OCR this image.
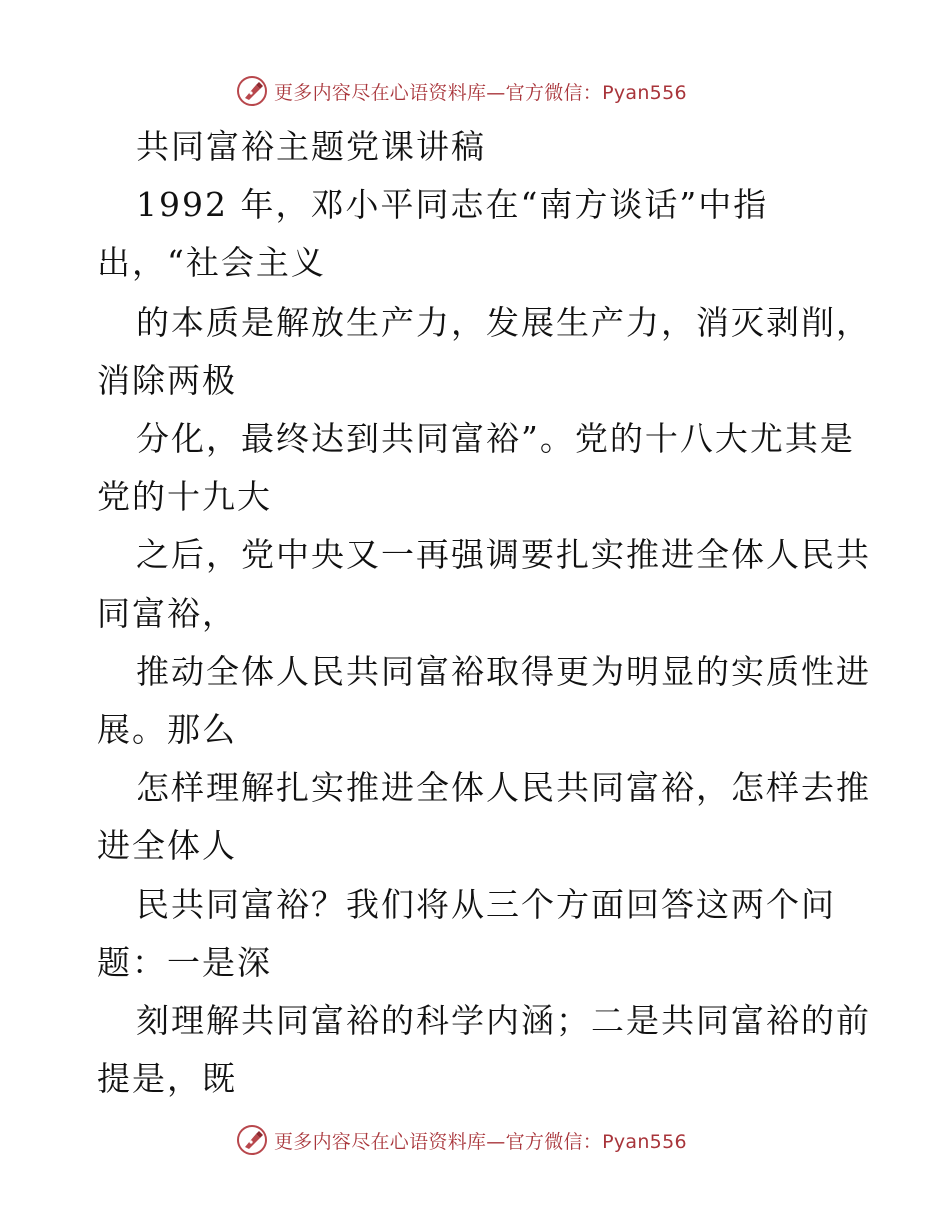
更多内容尽在心语资料库—官方微信：Pyan556
共同富裕主题党课讲稿
1992 年，邓小平同志在“南方谈话”中指
出，“社会主义
的本质是解放生产力，发展生产力，消灭剥削，
消除两极
分化，最终达到共同富裕”。党的十八大尤其是
党的十九大
之后，党中央又一再强调要扎实推进全体人民共
同富裕，
推动全体人民共同富裕取得更为明显的实质性进
展。那么
怎样理解扎实推进全体人民共同富裕，怎样去推
进全体人
民共同富裕？我们将从三个方面回答这两个问
题：一是深
刻理解共同富裕的科学内涵；二是共同富裕的前
提是，既
更多内容尽在心语资料库—官方微信：Pyan556
